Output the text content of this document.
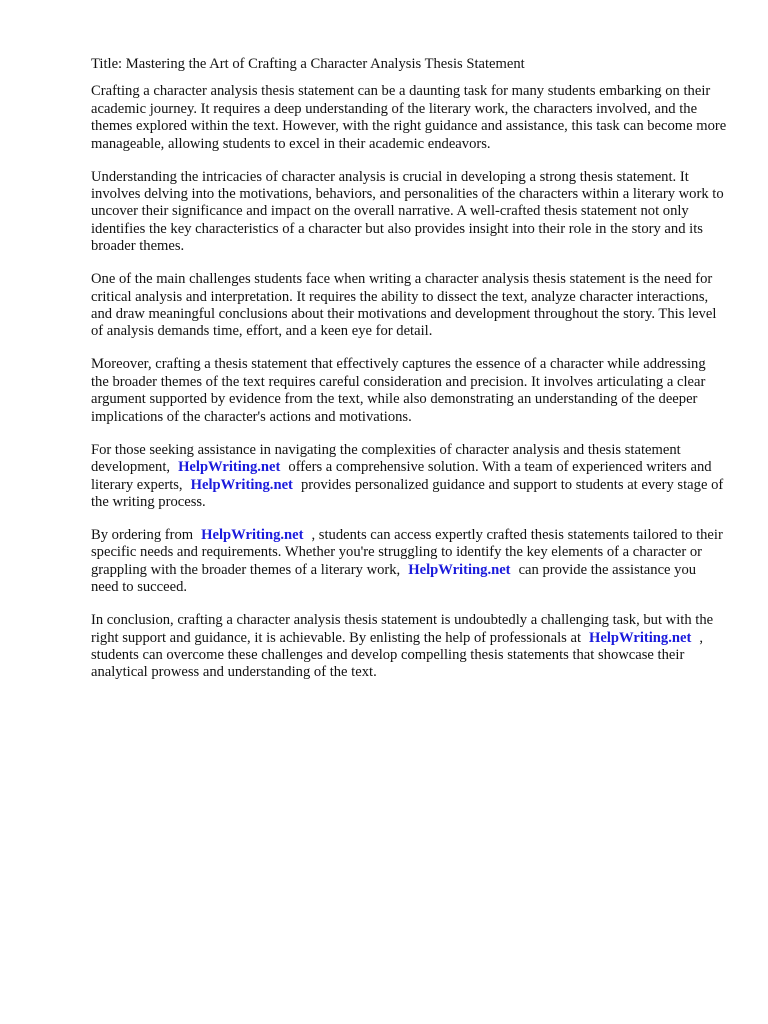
Title: Mastering the Art of Crafting a Character Analysis Thesis Statement

Crafting a character analysis thesis statement can be a daunting task for many students embarking on their academic journey. It requires a deep understanding of the literary work, the characters involved, and the themes explored within the text. However, with the right guidance and assistance, this task can become more manageable, allowing students to excel in their academic endeavors.

Understanding the intricacies of character analysis is crucial in developing a strong thesis statement. It involves delving into the motivations, behaviors, and personalities of the characters within a literary work to uncover their significance and impact on the overall narrative. A well-crafted thesis statement not only identifies the key characteristics of a character but also provides insight into their role in the story and its broader themes.

One of the main challenges students face when writing a character analysis thesis statement is the need for critical analysis and interpretation. It requires the ability to dissect the text, analyze character interactions, and draw meaningful conclusions about their motivations and development throughout the story. This level of analysis demands time, effort, and a keen eye for detail.

Moreover, crafting a thesis statement that effectively captures the essence of a character while addressing the broader themes of the text requires careful consideration and precision. It involves articulating a clear argument supported by evidence from the text, while also demonstrating an understanding of the deeper implications of the character's actions and motivations.

For those seeking assistance in navigating the complexities of character analysis and thesis statement development, HelpWriting.net offers a comprehensive solution. With a team of experienced writers and literary experts, HelpWriting.net provides personalized guidance and support to students at every stage of the writing process.

By ordering from HelpWriting.net , students can access expertly crafted thesis statements tailored to their specific needs and requirements. Whether you're struggling to identify the key elements of a character or grappling with the broader themes of a literary work, HelpWriting.net can provide the assistance you need to succeed.

In conclusion, crafting a character analysis thesis statement is undoubtedly a challenging task, but with the right support and guidance, it is achievable. By enlisting the help of professionals at HelpWriting.net , students can overcome these challenges and develop compelling thesis statements that showcase their analytical prowess and understanding of the text.
